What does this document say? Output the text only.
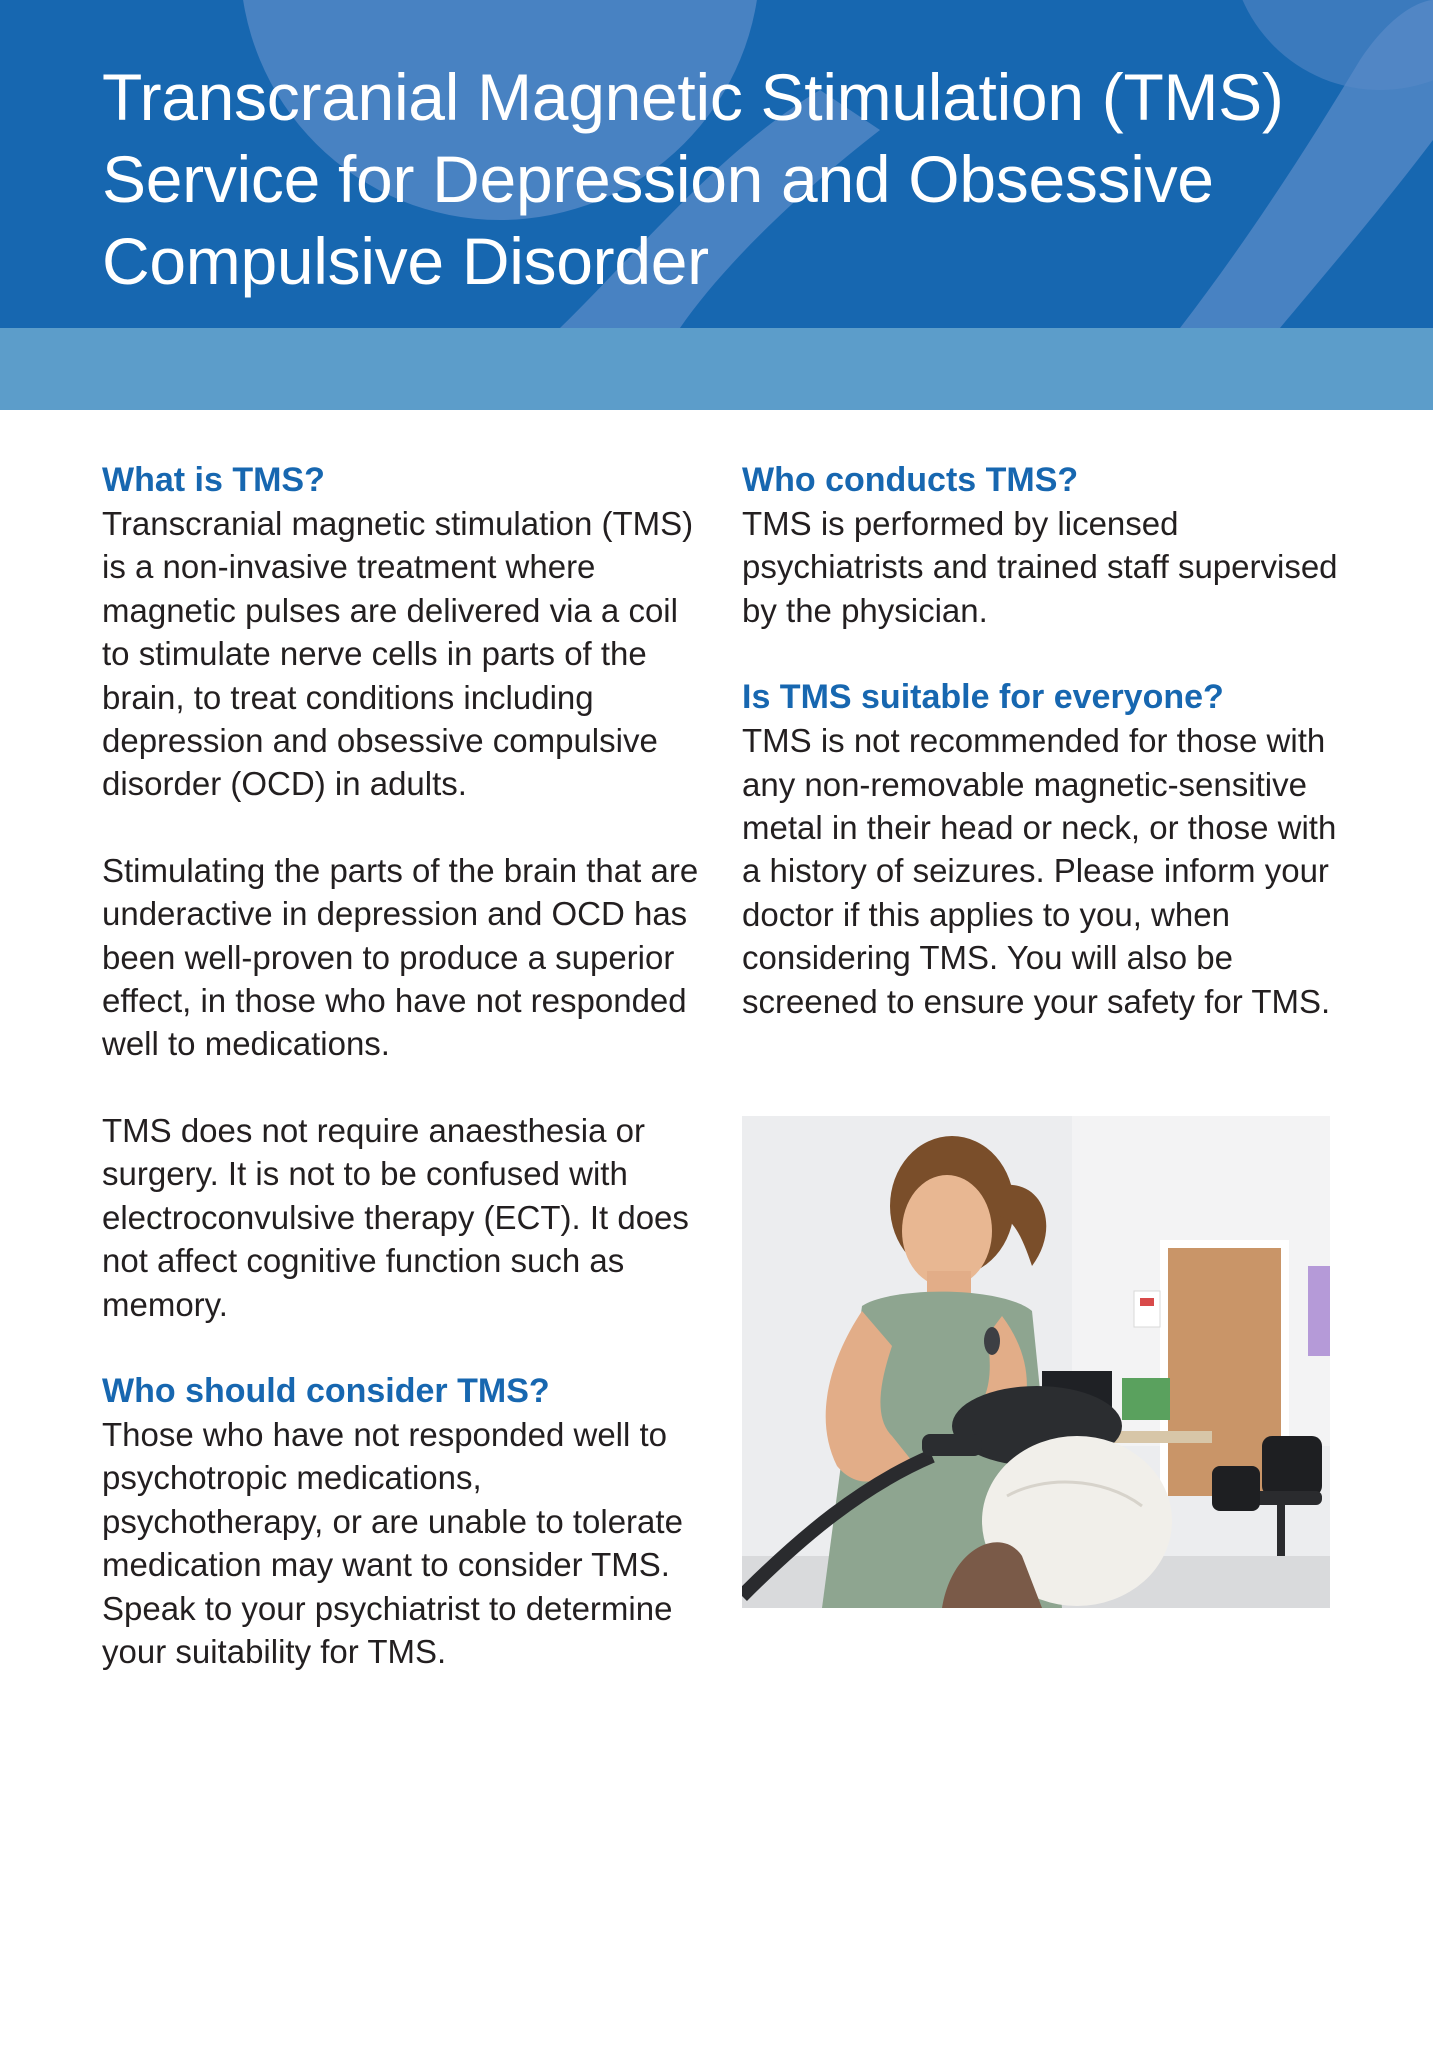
Transcranial Magnetic Stimulation (TMS) Service for Depression and Obsessive Compulsive Disorder
What is TMS?

Transcranial magnetic stimulation (TMS) is a non-invasive treatment where magnetic pulses are delivered via a coil to stimulate nerve cells in parts of the brain, to treat conditions including depression and obsessive compulsive disorder (OCD) in adults.

Stimulating the parts of the brain that are underactive in depression and OCD has been well-proven to produce a superior effect, in those who have not responded well to medications.

TMS does not require anaesthesia or surgery. It is not to be confused with electroconvulsive therapy (ECT). It does not affect cognitive function such as memory.

Who should consider TMS?

Those who have not responded well to psychotropic medications, psychotherapy, or are unable to tolerate medication may want to consider TMS. Speak to your psychiatrist to determine your suitability for TMS.

Who conducts TMS?

TMS is performed by licensed psychiatrists and trained staff supervised by the physician.

Is TMS suitable for everyone?

TMS is not recommended for those with any non-removable magnetic-sensitive metal in their head or neck, or those with a history of seizures. Please inform your doctor if this applies to you, when considering TMS. You will also be screened to ensure your safety for TMS.
